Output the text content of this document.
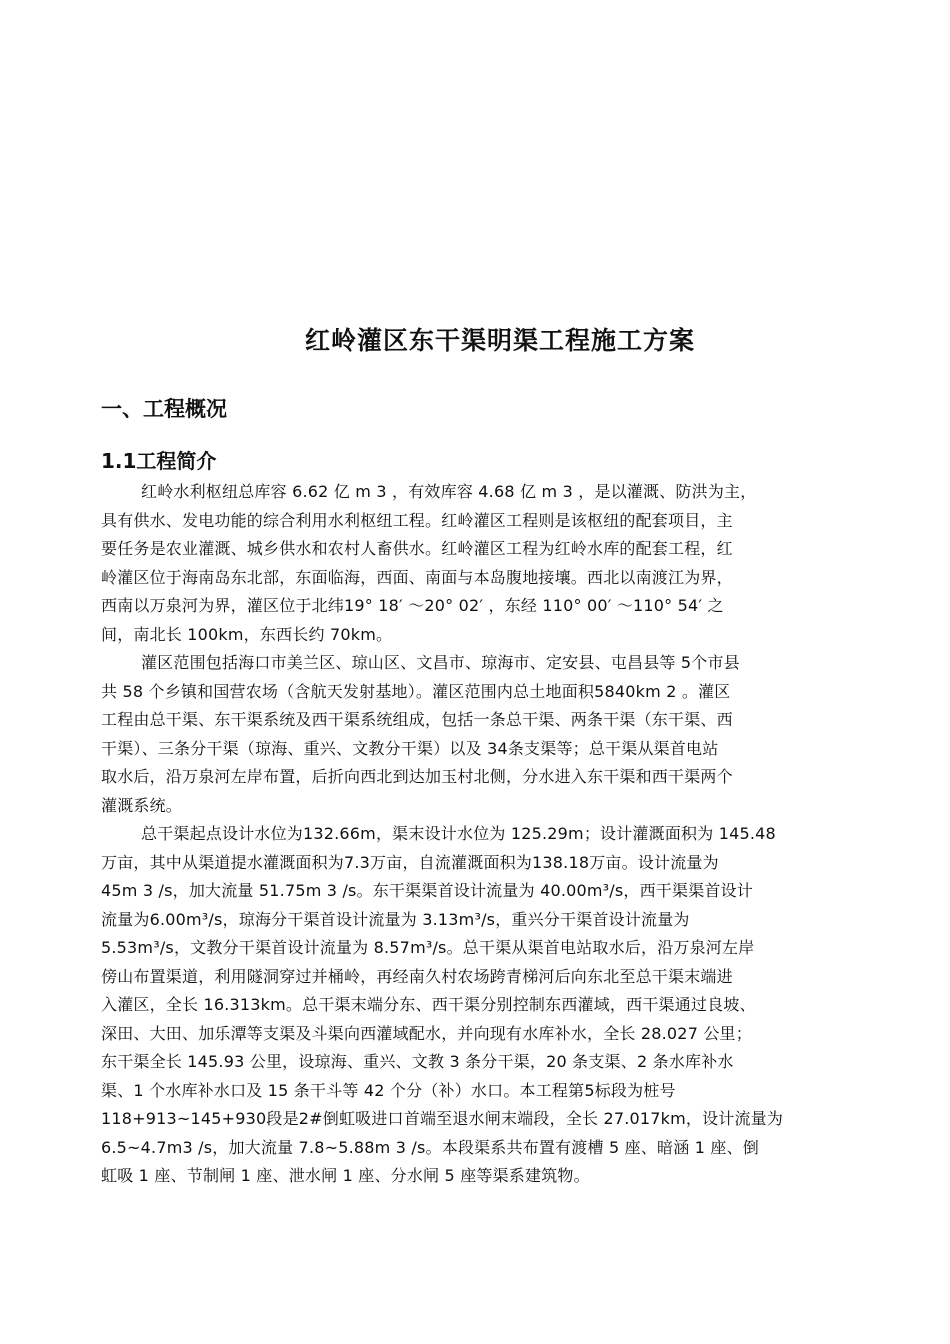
红岭灌区东干渠明渠工程施工方案
一、工程概况
1.1工程简介
红岭水利枢纽总库容 6.62 亿 m 3 ，有效库容 4.68 亿 m 3 ，是以灌溉、防洪为主，
具有供水、发电功能的综合利用水利枢纽工程。红岭灌区工程则是该枢纽的配套项目，主
要任务是农业灌溉、城乡供水和农村人畜供水。红岭灌区工程为红岭水库的配套工程，红
岭灌区位于海南岛东北部，东面临海，西面、南面与本岛腹地接壤。西北以南渡江为界，
西南以万泉河为界，灌区位于北纬19° 18′ ～20° 02′ ，东经 110° 00′ ～110° 54′ 之
间，南北长 100km，东西长约 70km。
灌区范围包括海口市美兰区、琼山区、文昌市、琼海市、定安县、屯昌县等 5个市县
共 58 个乡镇和国营农场（含航天发射基地）。灌区范围内总土地面积5840km 2 。灌区
工程由总干渠、东干渠系统及西干渠系统组成，包括一条总干渠、两条干渠（东干渠、西
干渠）、三条分干渠（琼海、重兴、文教分干渠）以及 34条支渠等；总干渠从渠首电站
取水后，沿万泉河左岸布置，后折向西北到达加玉村北侧，分水进入东干渠和西干渠两个
灌溉系统。
总干渠起点设计水位为132.66m，渠末设计水位为 125.29m；设计灌溉面积为 145.48
万亩，其中从渠道提水灌溉面积为7.3万亩，自流灌溉面积为138.18万亩。设计流量为
45m 3 /s，加大流量 51.75m 3 /s。东干渠渠首设计流量为 40.00m³/s，西干渠渠首设计
流量为6.00m³/s，琼海分干渠首设计流量为 3.13m³/s，重兴分干渠首设计流量为
5.53m³/s，文教分干渠首设计流量为 8.57m³/s。总干渠从渠首电站取水后，沿万泉河左岸
傍山布置渠道，利用隧洞穿过并桶岭，再经南久村农场跨青梯河后向东北至总干渠末端进
入灌区，全长 16.313km。总干渠末端分东、西干渠分别控制东西灌域，西干渠通过良坡、
深田、大田、加乐潭等支渠及斗渠向西灌域配水，并向现有水库补水，全长 28.027 公里；
东干渠全长 145.93 公里，设琼海、重兴、文教 3 条分干渠，20 条支渠、2 条水库补水
渠、1 个水库补水口及 15 条干斗等 42 个分（补）水口。本工程第5标段为桩号
118+913~145+930段是2#倒虹吸进口首端至退水闸末端段，全长 27.017km，设计流量为
6.5~4.7m3 /s，加大流量 7.8~5.88m 3 /s。本段渠系共布置有渡槽 5 座、暗涵 1 座、倒
虹吸 1 座、节制闸 1 座、泄水闸 1 座、分水闸 5 座等渠系建筑物。
